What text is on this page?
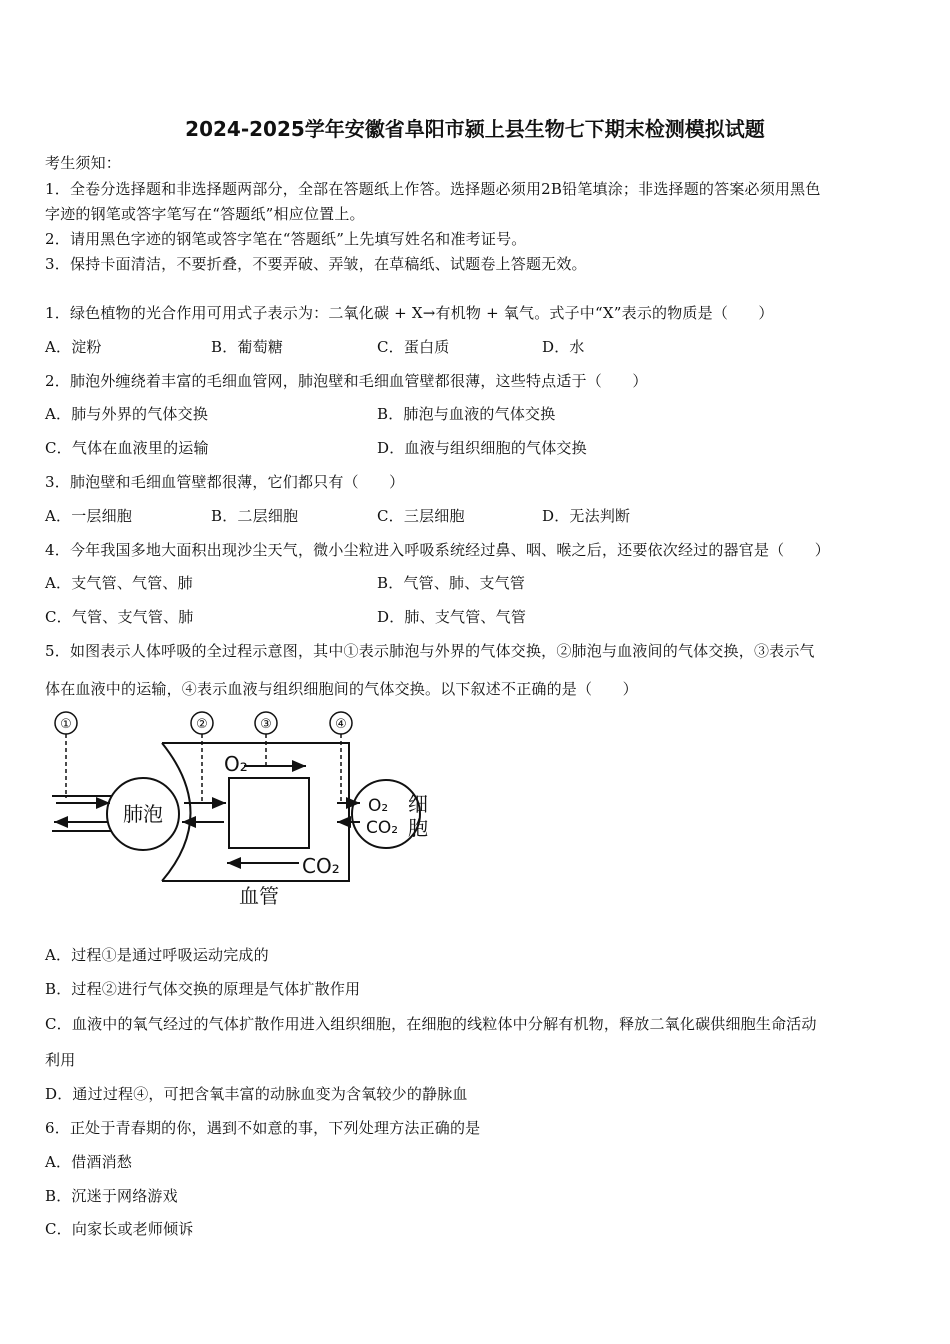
2024-2025学年安徽省阜阳市颍上县生物七下期末检测模拟试题
考生须知：
1．全卷分选择题和非选择题两部分，全部在答题纸上作答。选择题必须用2B铅笔填涂；非选择题的答案必须用黑色
字迹的钢笔或答字笔写在“答题纸”相应位置上。
2．请用黑色字迹的钢笔或答字笔在“答题纸”上先填写姓名和准考证号。
3．保持卡面清洁，不要折叠，不要弄破、弄皱，在草稿纸、试题卷上答题无效。
1．绿色植物的光合作用可用式子表示为：二氧化碳 + X→有机物 + 氧气。式子中“X”表示的物质是（　　）
A．淀粉	B．葡萄糖	C．蛋白质	D．水
2．肺泡外缠绕着丰富的毛细血管网，肺泡壁和毛细血管壁都很薄，这些特点适于（　　）
A．肺与外界的气体交换	B．肺泡与血液的气体交换
C．气体在血液里的运输	D．血液与组织细胞的气体交换
3．肺泡壁和毛细血管壁都很薄，它们都只有（　　）
A．一层细胞	B．二层细胞	C．三层细胞	D．无法判断
4．今年我国多地大面积出现沙尘天气，微小尘粒进入呼吸系统经过鼻、咽、喉之后，还要依次经过的器官是（　　）
A．支气管、气管、肺	B．气管、肺、支气管
C．气管、支气管、肺	D．肺、支气管、气管
5．如图表示人体呼吸的全过程示意图，其中①表示肺泡与外界的气体交换，②肺泡与血液间的气体交换，③表示气
体在血液中的运输，④表示血液与组织细胞间的气体交换。以下叙述不正确的是（　　）
①	②	③	④
肺泡
血管
O₂
CO₂
O₂
CO₂
细
胞
A．过程①是通过呼吸运动完成的
B．过程②进行气体交换的原理是气体扩散作用
C．血液中的氧气经过的气体扩散作用进入组织细胞，在细胞的线粒体中分解有机物，释放二氧化碳供细胞生命活动
利用
D．通过过程④，可把含氧丰富的动脉血变为含氧较少的静脉血
6．正处于青春期的你，遇到不如意的事，下列处理方法正确的是
A．借酒消愁
B．沉迷于网络游戏
C．向家长或老师倾诉
